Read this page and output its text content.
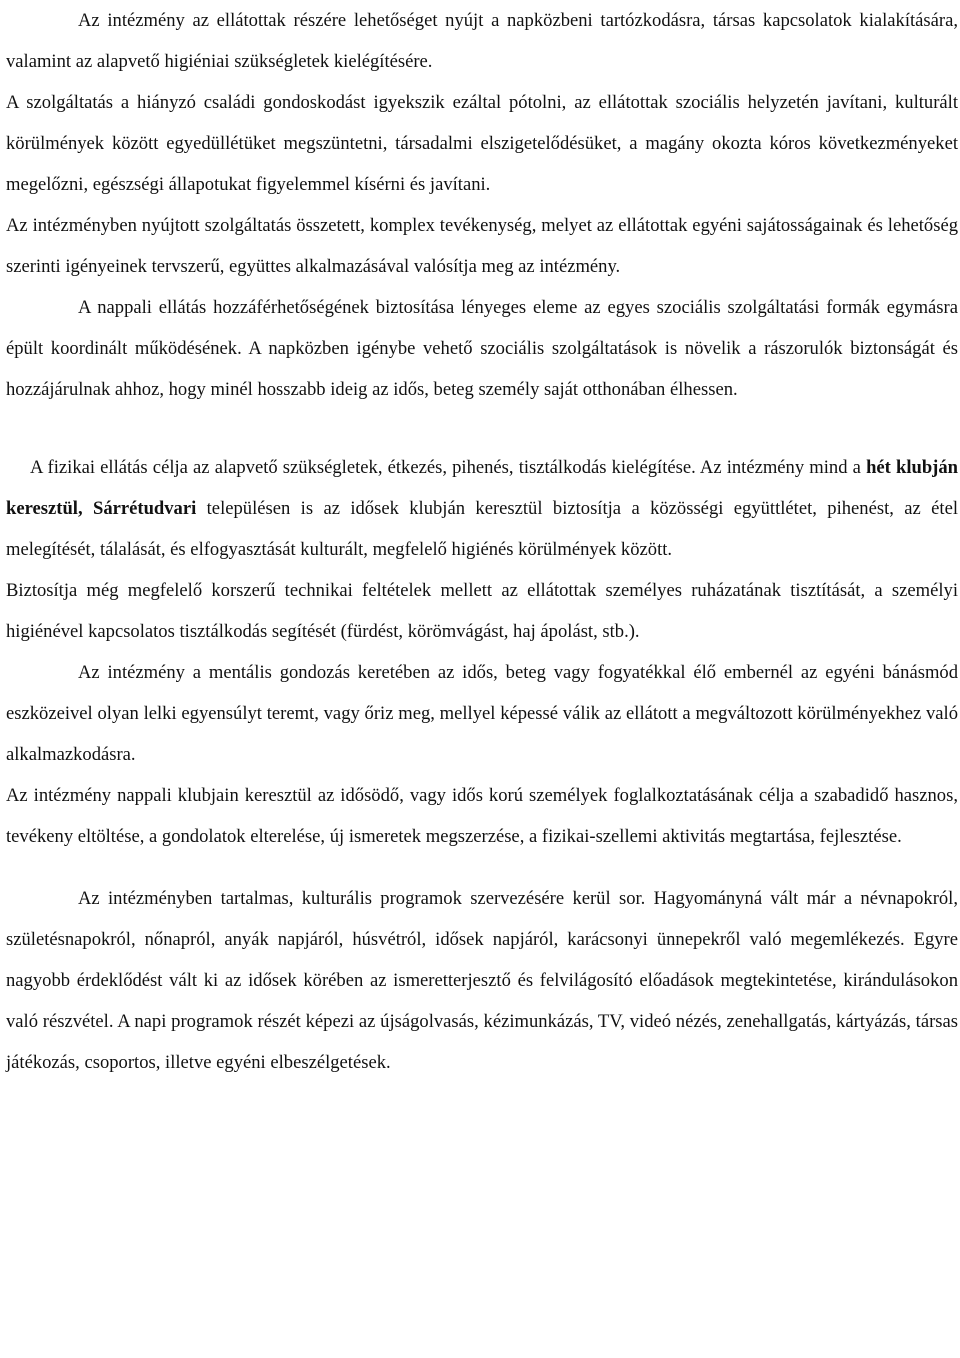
Az intézmény az ellátottak részére lehetőséget nyújt a napközbeni tartózkodásra, társas kapcsolatok kialakítására, valamint az alapvető higiéniai szükségletek kielégítésére.

A szolgáltatás a hiányzó családi gondoskodást igyekszik ezáltal pótolni, az ellátottak szociális helyzetén javítani, kulturált körülmények között egyedüllétüket megszüntetni, társadalmi elszigetelődésüket, a magány okozta kóros következményeket megelőzni, egészségi állapotukat figyelemmel kísérni és javítani.

Az intézményben nyújtott szolgáltatás összetett, komplex tevékenység, melyet az ellátottak egyéni sajátosságainak és lehetőség szerinti igényeinek tervszerű, együttes alkalmazásával valósítja meg az intézmény.

A nappali ellátás hozzáférhetőségének biztosítása lényeges eleme az egyes szociális szolgáltatási formák egymásra épült koordinált működésének. A napközben igénybe vehető szociális szolgáltatások is növelik a rászorulók biztonságát és hozzájárulnak ahhoz, hogy minél hosszabb ideig az idős, beteg személy saját otthonában élhessen.

A fizikai ellátás célja az alapvető szükségletek, étkezés, pihenés, tisztálkodás kielégítése. Az intézmény mind a hét klubján keresztül, Sárrétudvari településen is az idősek klubján keresztül biztosítja a közösségi együttlétet, pihenést, az étel melegítését, tálalását, és elfogyasztását kulturált, megfelelő higiénés körülmények között.

Biztosítja még megfelelő korszerű technikai feltételek mellett az ellátottak személyes ruházatának tisztítását, a személyi higiénével kapcsolatos tisztálkodás segítését (fürdést, körömvágást, haj ápolást, stb.).

Az intézmény a mentális gondozás keretében az idős, beteg vagy fogyatékkal élő embernél az egyéni bánásmód eszközeivel olyan lelki egyensúlyt teremt, vagy őriz meg, mellyel képessé válik az ellátott a megváltozott körülményekhez való alkalmazkodásra.

Az intézmény nappali klubjain keresztül az idősödő, vagy idős korú személyek foglalkoztatásának célja a szabadidő hasznos, tevékeny eltöltése, a gondolatok elterelése, új ismeretek megszerzése, a fizikai-szellemi aktivitás megtartása, fejlesztése.

Az intézményben tartalmas, kulturális programok szervezésére kerül sor. Hagyományná vált már a névnapokról, születésnapokról, nőnapról, anyák napjáról, húsvétról, idősek napjáról, karácsonyi ünnepekről való megemlékezés. Egyre nagyobb érdeklődést vált ki az idősek körében az ismeretterjesztő és felvilágosító előadások megtekintetése, kirándulásokon való részvétel. A napi programok részét képezi az újságolvasás, kézimunkázás, TV, videó nézés, zenehallgatás, kártyázás, társas játékozás, csoportos, illetve egyéni elbeszélgetések.
